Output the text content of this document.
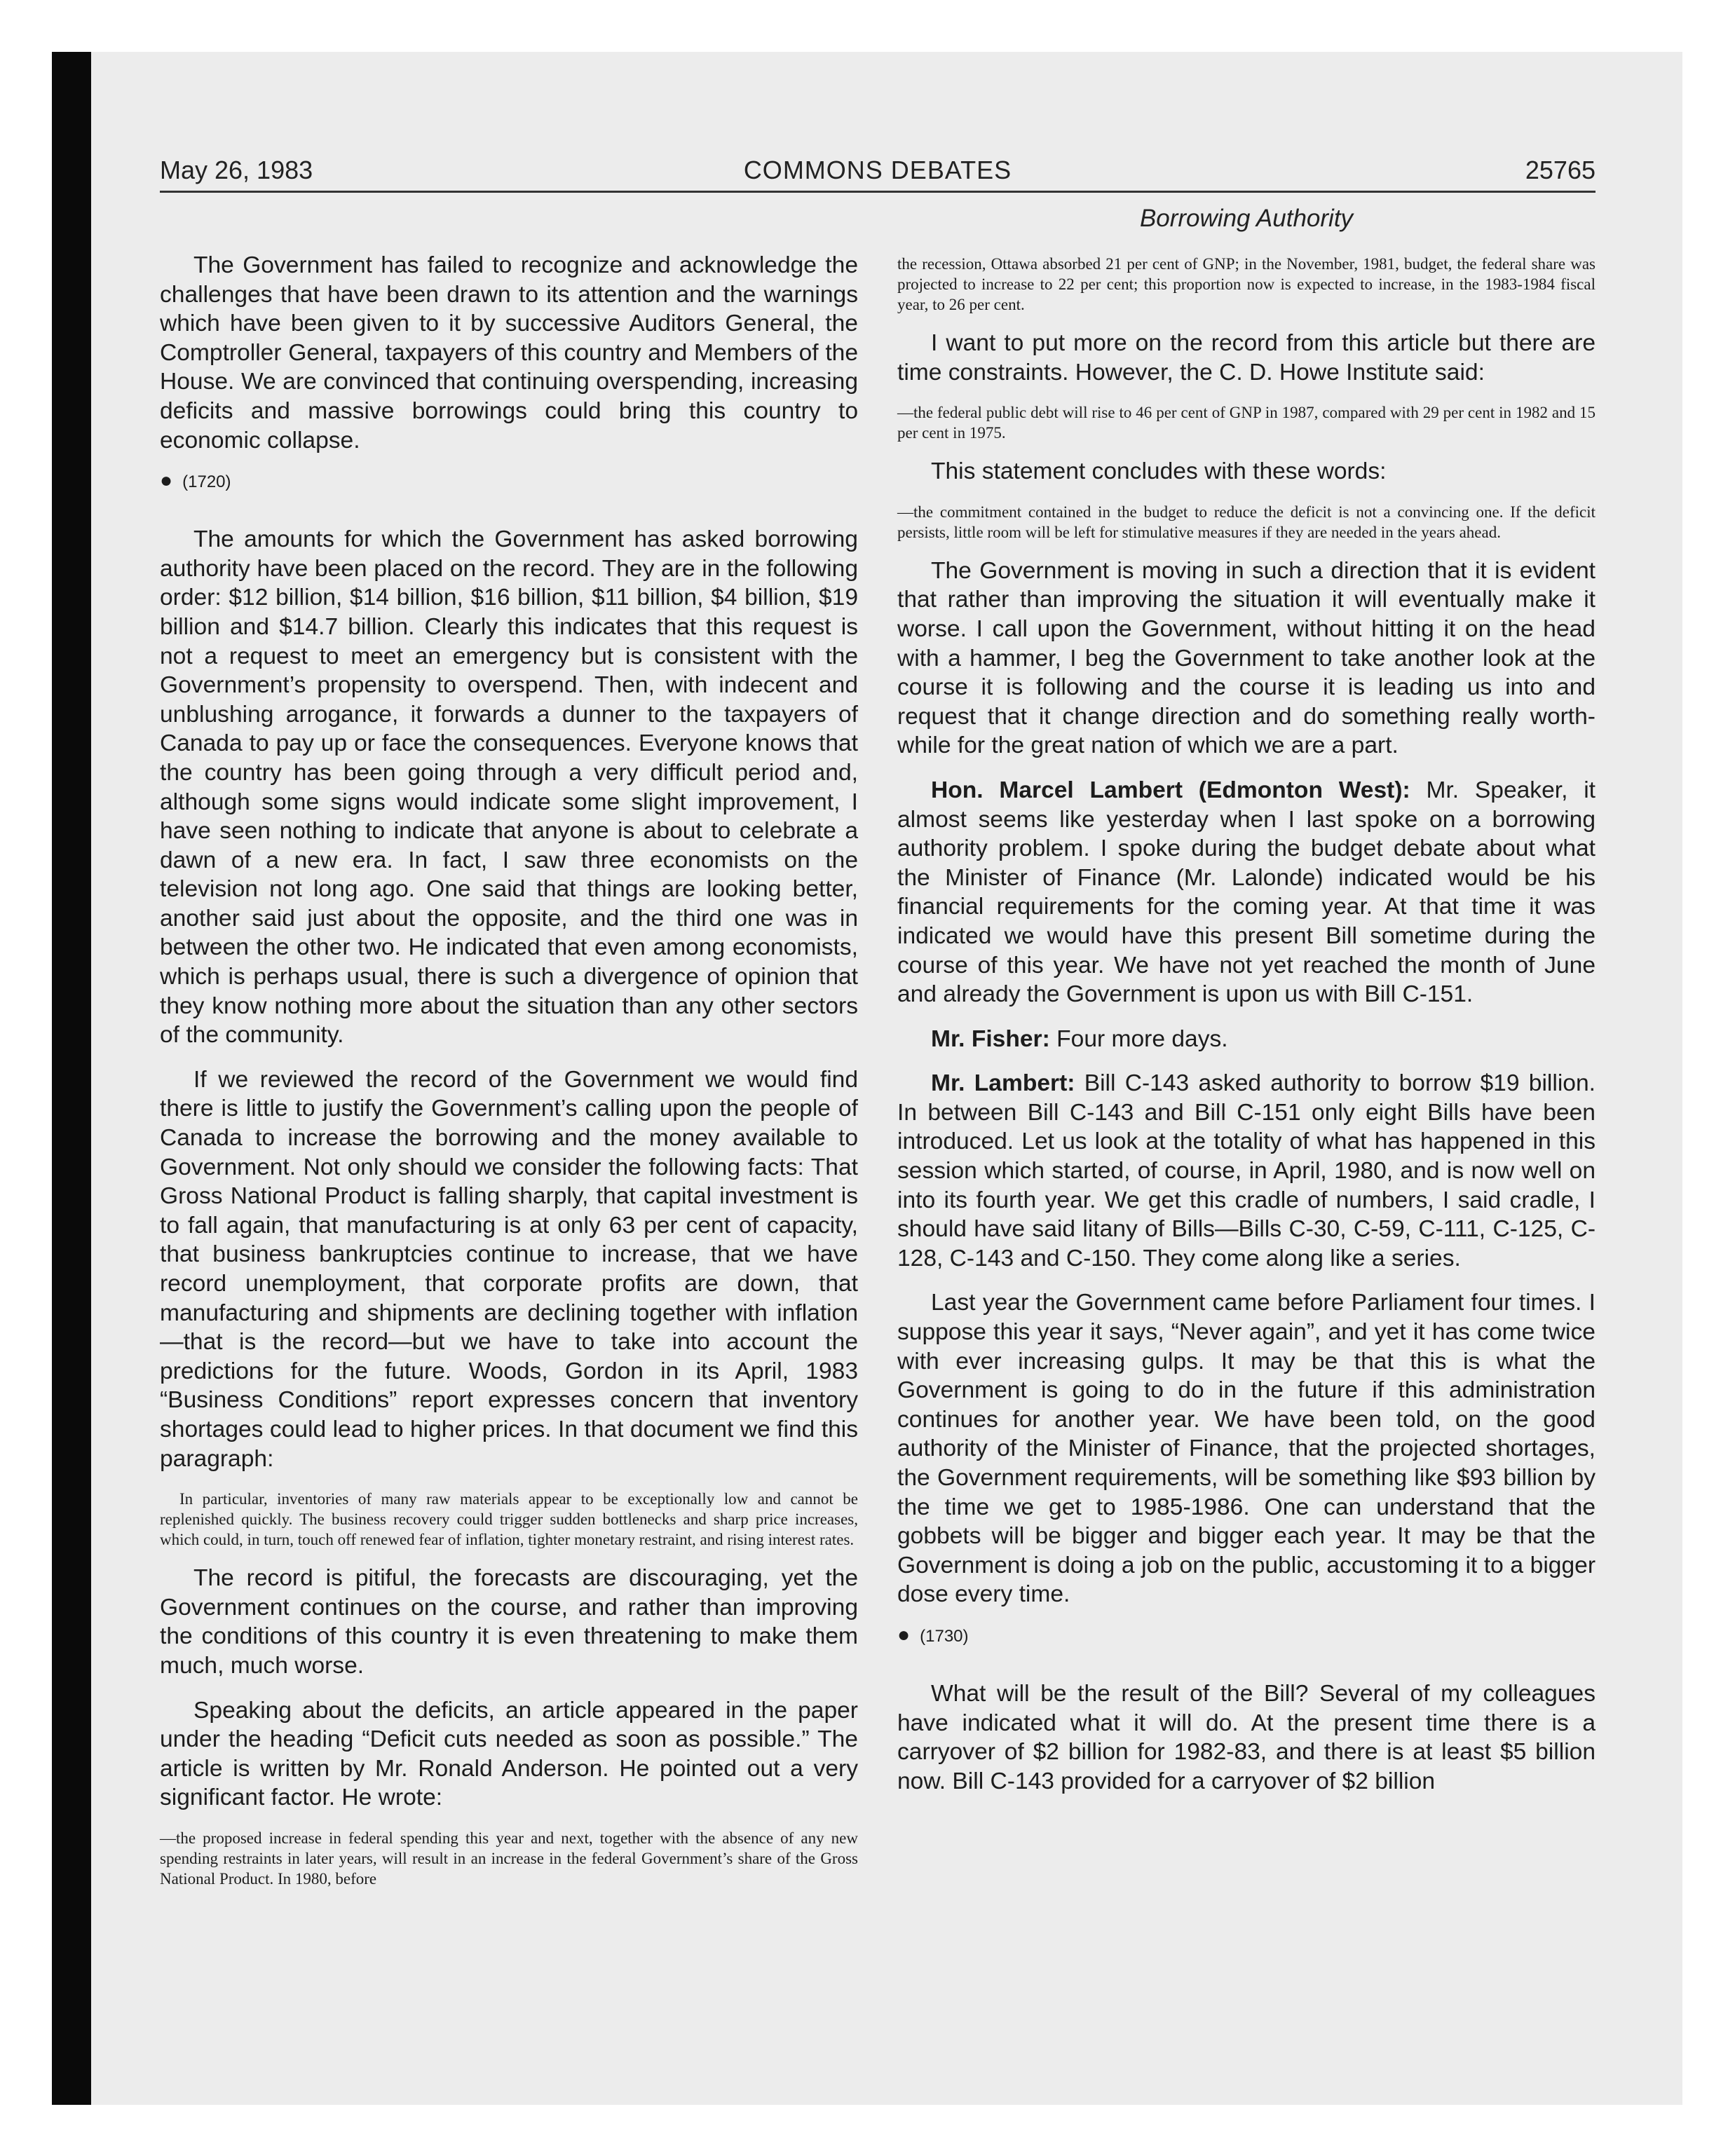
May 26, 1983	COMMONS DEBATES	25765
Borrowing Authority

The Government has failed to recognize and acknowledge the challenges that have been drawn to its attention and the warnings which have been given to it by successive Auditors General, the Comptroller General, taxpayers of this country and Members of the House. We are convinced that continuing overspending, increasing deficits and massive borrowings could bring this country to economic collapse.

● (1720)

The amounts for which the Government has asked borrowing authority have been placed on the record. They are in the following order: $12 billion, $14 billion, $16 billion, $11 billion, $4 billion, $19 billion and $14.7 billion. Clearly this indicates that this request is not a request to meet an emergency but is consistent with the Government’s propensity to overspend. Then, with indecent and unblushing arrogance, it forwards a dunner to the taxpayers of Canada to pay up or face the consequences. Everyone knows that the country has been going through a very difficult period and, although some signs would indicate some slight improvement, I have seen nothing to indicate that anyone is about to celebrate a dawn of a new era. In fact, I saw three economists on the television not long ago. One said that things are looking better, another said just about the opposite, and the third one was in between the other two. He indicated that even among economists, which is perhaps usual, there is such a divergence of opinion that they know nothing more about the situation than any other sectors of the community.

If we reviewed the record of the Government we would find there is little to justify the Government’s calling upon the people of Canada to increase the borrowing and the money available to Government. Not only should we consider the following facts: That Gross National Product is falling sharply, that capital investment is to fall again, that manufacturing is at only 63 per cent of capacity, that business bankruptcies continue to increase, that we have record unemployment, that corporate profits are down, that manufacturing and shipments are declining together with inflation—that is the record—but we have to take into account the predictions for the future. Woods, Gordon in its April, 1983 “Business Conditions” report expresses concern that inventory shortages could lead to higher prices. In that document we find this paragraph:

In particular, inventories of many raw materials appear to be exceptionally low and cannot be replenished quickly. The business recovery could trigger sudden bottlenecks and sharp price increases, which could, in turn, touch off renewed fear of inflation, tighter monetary restraint, and rising interest rates.

The record is pitiful, the forecasts are discouraging, yet the Government continues on the course, and rather than improving the conditions of this country it is even threatening to make them much, much worse.

Speaking about the deficits, an article appeared in the paper under the heading “Deficit cuts needed as soon as possible.” The article is written by Mr. Ronald Anderson. He pointed out a very significant factor. He wrote:

—the proposed increase in federal spending this year and next, together with the absence of any new spending restraints in later years, will result in an increase in the federal Government’s share of the Gross National Product. In 1980, before

the recession, Ottawa absorbed 21 per cent of GNP; in the November, 1981, budget, the federal share was projected to increase to 22 per cent; this proportion now is expected to increase, in the 1983-1984 fiscal year, to 26 per cent.

I want to put more on the record from this article but there are time constraints. However, the C. D. Howe Institute said:

—the federal public debt will rise to 46 per cent of GNP in 1987, compared with 29 per cent in 1982 and 15 per cent in 1975.

This statement concludes with these words:

—the commitment contained in the budget to reduce the deficit is not a convincing one. If the deficit persists, little room will be left for stimulative measures if they are needed in the years ahead.

The Government is moving in such a direction that it is evident that rather than improving the situation it will eventually make it worse. I call upon the Government, without hitting it on the head with a hammer, I beg the Government to take another look at the course it is following and the course it is leading us into and request that it change direction and do something really worth-while for the great nation of which we are a part.

Hon. Marcel Lambert (Edmonton West): Mr. Speaker, it almost seems like yesterday when I last spoke on a borrowing authority problem. I spoke during the budget debate about what the Minister of Finance (Mr. Lalonde) indicated would be his financial requirements for the coming year. At that time it was indicated we would have this present Bill sometime during the course of this year. We have not yet reached the month of June and already the Government is upon us with Bill C-151.

Mr. Fisher: Four more days.

Mr. Lambert: Bill C-143 asked authority to borrow $19 billion. In between Bill C-143 and Bill C-151 only eight Bills have been introduced. Let us look at the totality of what has happened in this session which started, of course, in April, 1980, and is now well on into its fourth year. We get this cradle of numbers, I said cradle, I should have said litany of Bills—Bills C-30, C-59, C-111, C-125, C-128, C-143 and C-150. They come along like a series.

Last year the Government came before Parliament four times. I suppose this year it says, “Never again”, and yet it has come twice with ever increasing gulps. It may be that this is what the Government is going to do in the future if this administration continues for another year. We have been told, on the good authority of the Minister of Finance, that the projected shortages, the Government requirements, will be something like $93 billion by the time we get to 1985-1986. One can understand that the gobbets will be bigger and bigger each year. It may be that the Government is doing a job on the public, accustoming it to a bigger dose every time.

● (1730)

What will be the result of the Bill? Several of my colleagues have indicated what it will do. At the present time there is a carryover of $2 billion for 1982-83, and there is at least $5 billion now. Bill C-143 provided for a carryover of $2 billion
